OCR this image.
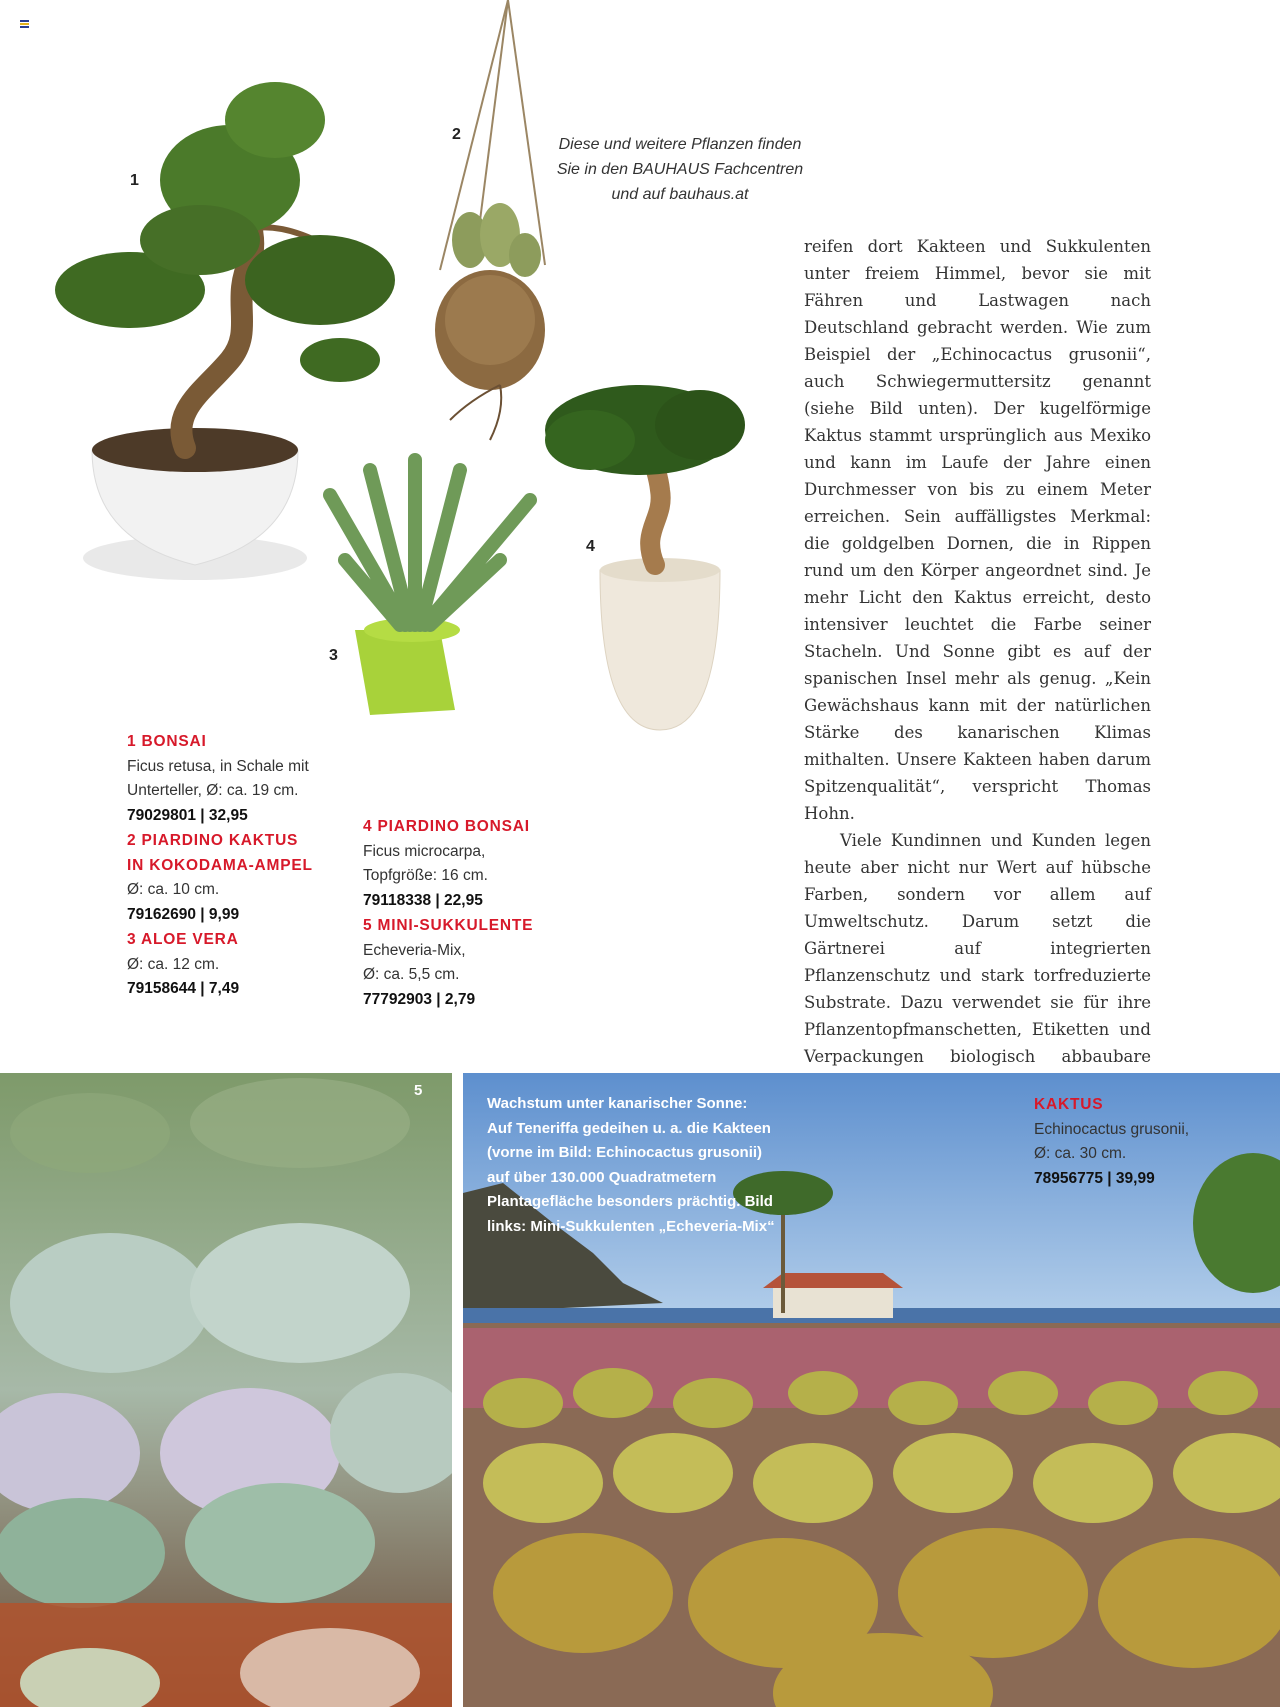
1
2
3
4
Diese und weitere Pflanzen finden
Sie in den BAUHAUS Fachcentren
und auf bauhaus.at
1 BONSAI
Ficus retusa, in Schale mit
Unterteller, Ø: ca. 19 cm.
79029801 | 32,95
2 PIARDINO KAKTUS
IN KOKODAMA-AMPEL
Ø: ca. 10 cm.
79162690 | 9,99
3 ALOE VERA
Ø: ca. 12 cm.
79158644 | 7,49
4 PIARDINO BONSAI
Ficus microcarpa,
Topfgröße: 16 cm.
79118338 | 22,95
5 MINI-SUKKULENTE
Echeveria-Mix,
Ø: ca. 5,5 cm.
77792903 | 2,79

reifen dort Kakteen und Sukkulenten unter freiem Himmel, bevor sie mit Fähren und Lastwagen nach Deutschland gebracht werden. Wie zum Beispiel der „Echinocactus grusonii“, auch Schwiegermuttersitz genannt (siehe Bild unten). Der kugelförmige Kaktus stammt ursprünglich aus Mexiko und kann im Laufe der Jahre einen Durchmesser von bis zu einem Meter erreichen. Sein auffälligstes Merkmal: die goldgelben Dornen, die in Rippen rund um den Körper angeordnet sind. Je mehr Licht den Kaktus erreicht, desto intensiver leuchtet die Farbe seiner Stacheln. Und Sonne gibt es auf der spanischen Insel mehr als genug. „Kein Gewächshaus kann mit der natürlichen Stärke des kanarischen Klimas mithalten. Unsere Kakteen haben darum Spitzenqualität“, verspricht Thomas Hohn.

Viele Kundinnen und Kunden legen heute aber nicht nur Wert auf hübsche Farben, sondern vor allem auf Umweltschutz. Darum setzt die Gärtnerei auf integrierten Pflanzenschutz und stark torfreduzierte Substrate. Dazu verwendet sie für ihre Pflanzentopfmanschetten, Etiketten und Verpackungen biologisch abbaubare

5
Wachstum unter kanarischer Sonne:
Auf Teneriffa gedeihen u. a. die Kakteen
(vorne im Bild: Echinocactus grusonii)
auf über 130.000 Quadratmetern
Plantagefläche besonders prächtig. Bild
links: Mini-Sukkulenten „Echeveria-Mix“
KAKTUS
Echinocactus grusonii,
Ø: ca. 30 cm.
78956775 | 39,99
